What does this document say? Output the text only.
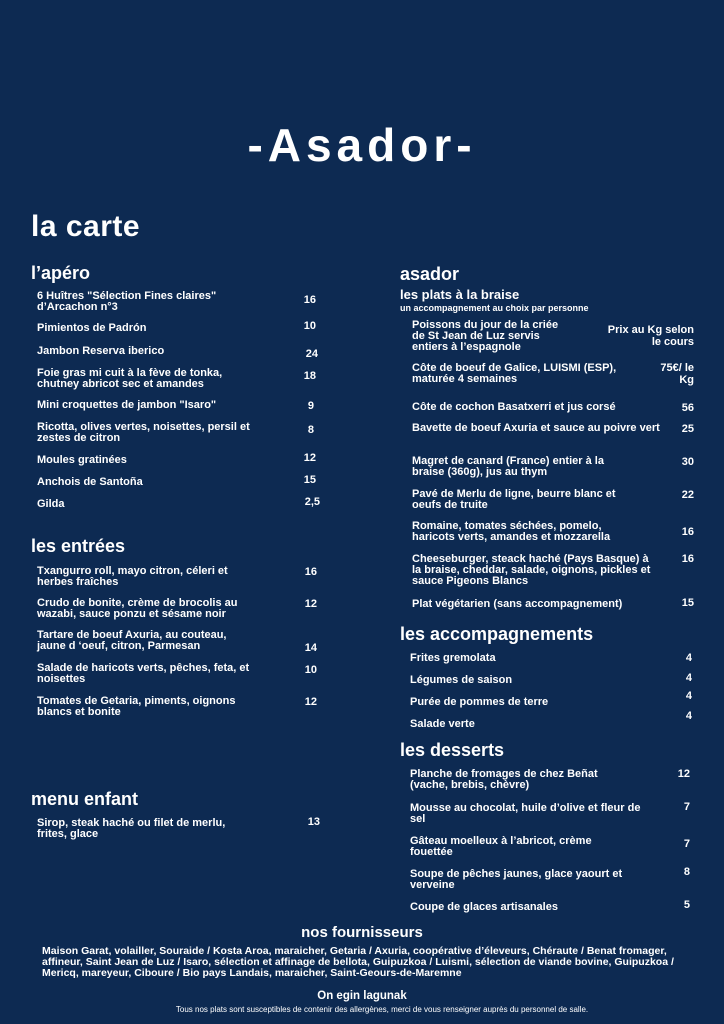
-Asador-
la carte
l’apéro
6 Huîtres "Sélection Fines claires" d’Arcachon n°3
16
Pimientos de Padrón	10
Jambon Reserva iberico	24
Foie gras mi cuit à la fève de tonka, chutney abricot sec et amandes
18
Mini croquettes de jambon "Isaro"	9
Ricotta, olives vertes, noisettes, persil et zestes de citron
8
Moules gratinées	12
Anchois de Santoña	15
Gilda	2,5
les entrées
Txangurro roll, mayo citron, céleri et herbes fraîches
16
Crudo de bonite, crème de brocolis au wazabi, sauce ponzu et sésame noir
12
Tartare de boeuf Axuria, au couteau, jaune d ‘oeuf, citron, Parmesan	14
Salade de haricots verts, pêches, feta, et noisettes
10
Tomates de Getaria, piments, oignons blancs et bonite
12
menu enfant
Sirop, steak haché ou filet de merlu, frites, glace
13
asador
les plats à la braise
un accompagnement au choix par personne
Poissons du jour de la criée de St Jean de Luz servis entiers à l’espagnole
Prix au Kg selon le cours
Côte de boeuf de Galice, LUISMI (ESP), maturée 4 semaines
75€/ le Kg
Côte de cochon Basatxerri et jus corsé	56
Bavette de boeuf Axuria et sauce au poivre vert	25
Magret de canard (France) entier à la braise (360g), jus au thym
30
Pavé de Merlu de ligne, beurre blanc et oeufs de truite
22
Romaine, tomates séchées, pomelo, haricots verts, amandes et mozzarella	16
Cheeseburger, steack haché (Pays Basque) à la braise, cheddar, salade, oignons, pickles et sauce Pigeons Blancs
16
Plat végétarien (sans accompagnement)	15
les accompagnements
Frites gremolata	4
Légumes de saison	4
Purée de pommes de terre	4
Salade verte
4
les desserts
Planche de fromages de chez Beñat (vache, brebis, chèvre)
12
Mousse au chocolat, huile d’olive et fleur de sel
7
Gâteau moelleux à l’abricot, crème fouettée
7
Soupe de pêches jaunes, glace yaourt et verveine
8
Coupe de glaces artisanales	5
nos fournisseurs
Maison Garat, volailler, Souraide / Kosta Aroa, maraicher, Getaria / Axuria, coopérative d’éleveurs, Chéraute / Benat fromager, affineur, Saint Jean de Luz / Isaro, sélection et affinage de bellota, Guipuzkoa / Luismi, sélection de viande bovine, Guipuzkoa / Mericq, mareyeur, Ciboure / Bio pays Landais, maraicher, Saint-Geours-de-Maremne
On egin lagunak
Tous nos plats sont susceptibles de contenir des allergènes, merci de vous renseigner auprès du personnel de salle.
